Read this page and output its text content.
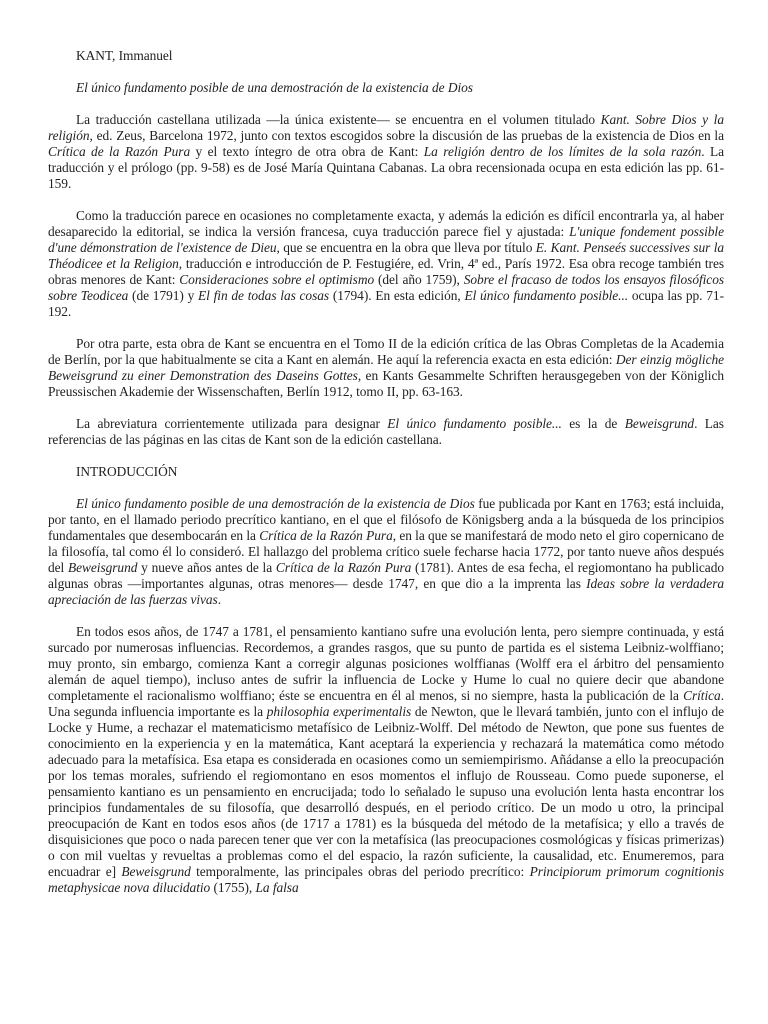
KANT, Immanuel

El único fundamento posible de una demostración de la existencia de Dios

La traducción castellana utilizada —la única existente— se encuentra en el volumen titulado Kant. Sobre Dios y la religión, ed. Zeus, Barcelona 1972, junto con textos escogidos sobre la discusión de las pruebas de la existencia de Dios en la Crítica de la Razón Pura y el texto íntegro de otra obra de Kant: La religión dentro de los límites de la sola razón. La traducción y el prólogo (pp. 9-58) es de José María Quintana Cabanas. La obra recensionada ocupa en esta edición las pp. 61-159.

Como la traducción parece en ocasiones no completamente exacta, y además la edición es difícil encontrarla ya, al haber desaparecido la editorial, se indica la versión francesa, cuya traducción parece fiel y ajustada: L'unique fondement possible d'une démonstration de l'existence de Dieu, que se encuentra en la obra que lleva por título E. Kant. Penseés successives sur la Théodicee et la Religion, traducción e introducción de P. Festugiére, ed. Vrin, 4ª ed., París 1972. Esa obra recoge también tres obras menores de Kant: Consideraciones sobre el optimismo (del año 1759), Sobre el fracaso de todos los ensayos filosóficos sobre Teodicea (de 1791) y El fin de todas las cosas (1794). En esta edición, El único fundamento posible... ocupa las pp. 71-192.

Por otra parte, esta obra de Kant se encuentra en el Tomo II de la edición crítica de las Obras Completas de la Academia de Berlín, por la que habitualmente se cita a Kant en alemán. He aquí la referencia exacta en esta edición: Der einzig mögliche Beweisgrund zu einer Demonstration des Daseins Gottes, en Kants Gesammelte Schriften herausgegeben von der Königlich Preussischen Akademie der Wissenschaften, Berlín 1912, tomo II, pp. 63-163.

La abreviatura corrientemente utilizada para designar El único fundamento posible... es la de Beweisgrund. Las referencias de las páginas en las citas de Kant son de la edición castellana.

INTRODUCCIÓN

El único fundamento posible de una demostración de la existencia de Dios fue publicada por Kant en 1763; está incluida, por tanto, en el llamado periodo precrítico kantiano, en el que el filósofo de Königsberg anda a la búsqueda de los principios fundamentales que desembocarán en la Crítica de la Razón Pura, en la que se manifestará de modo neto el giro copernicano de la filosofía, tal como él lo consideró. El hallazgo del problema crítico suele fecharse hacia 1772, por tanto nueve años después del Beweisgrund y nueve años antes de la Crítica de la Razón Pura (1781). Antes de esa fecha, el regiomontano ha publicado algunas obras —importantes algunas, otras menores— desde 1747, en que dio a la imprenta las Ideas sobre la verdadera apreciación de las fuerzas vivas.

En todos esos años, de 1747 a 1781, el pensamiento kantiano sufre una evolución lenta, pero siempre continuada, y está surcado por numerosas influencias. Recordemos, a grandes rasgos, que su punto de partida es el sistema Leibniz-wolffiano; muy pronto, sin embargo, comienza Kant a corregir algunas posiciones wolffianas (Wolff era el árbitro del pensamiento alemán de aquel tiempo), incluso antes de sufrir la influencia de Locke y Hume lo cual no quiere decir que abandone completamente el racionalismo wolffiano; éste se encuentra en él al menos, si no siempre, hasta la publicación de la Crítica. Una segunda influencia importante es la philosophia experimentalis de Newton, que le llevará también, junto con el influjo de Locke y Hume, a rechazar el matematicismo metafísico de Leibniz-Wolff. Del método de Newton, que pone sus fuentes de conocimiento en la experiencia y en la matemática, Kant aceptará la experiencia y rechazará la matemática como método adecuado para la metafísica. Esa etapa es considerada en ocasiones como un semiempirismo. Añádanse a ello la preocupación por los temas morales, sufriendo el regiomontano en esos momentos el influjo de Rousseau. Como puede suponerse, el pensamiento kantiano es un pensamiento en encrucijada; todo lo señalado le supuso una evolución lenta hasta encontrar los principios fundamentales de su filosofía, que desarrolló después, en el periodo crítico. De un modo u otro, la principal preocupación de Kant en todos esos años (de 1717 a 1781) es la búsqueda del método de la metafísica; y ello a través de disquisiciones que poco o nada parecen tener que ver con la metafísica (las preocupaciones cosmológicas y físicas primerizas) o con mil vueltas y revueltas a problemas como el del espacio, la razón suficiente, la causalidad, etc. Enumeremos, para encuadrar e] Beweisgrund temporalmente, las principales obras del periodo precrítico: Principiorum primorum cognitionis metaphysicae nova dilucidatio (1755), La falsa
